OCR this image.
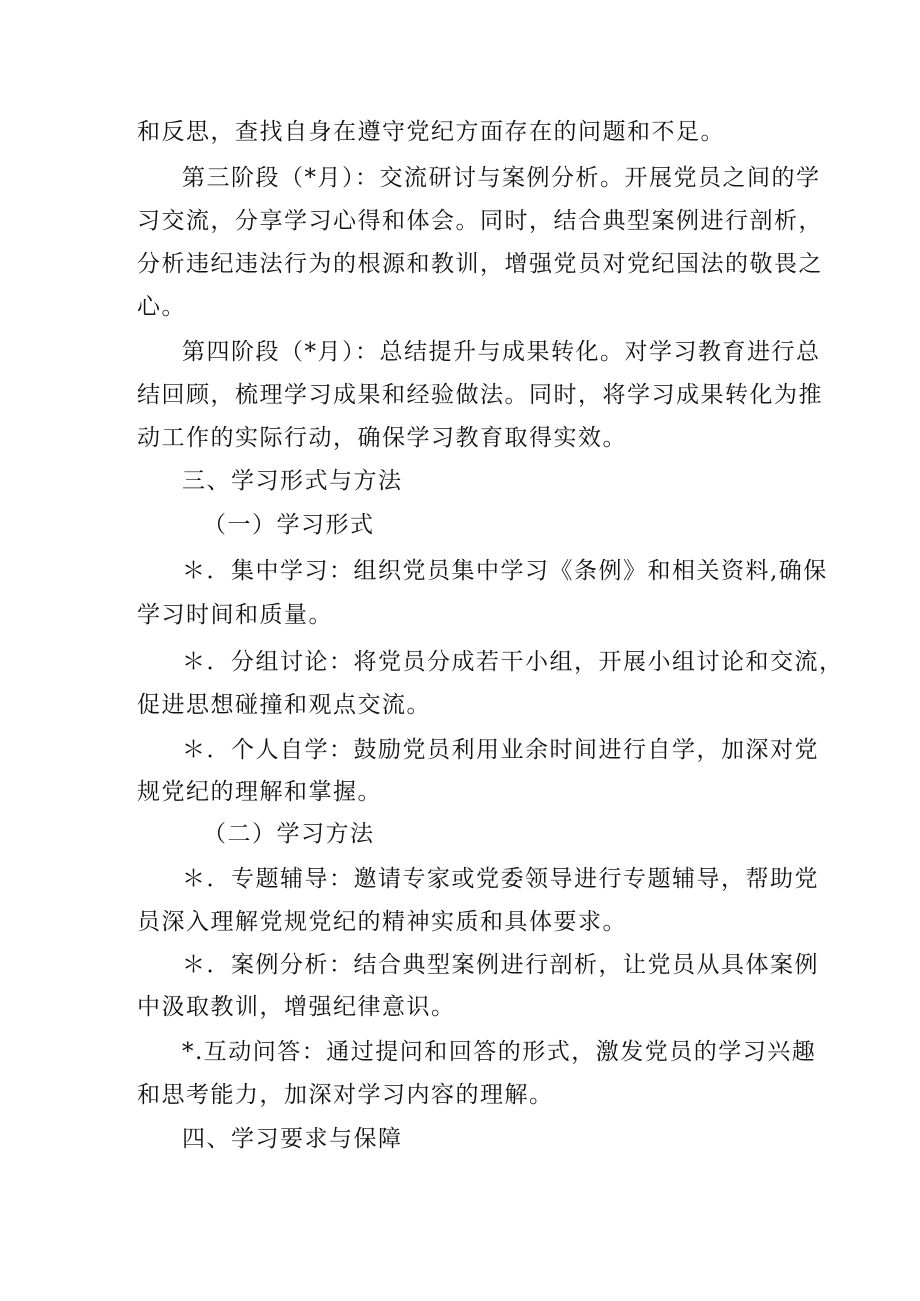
和反思，查找自身在遵守党纪方面存在的问题和不足。
第三阶段（*月）：交流研讨与案例分析。开展党员之间的学
习交流，分享学习心得和体会。同时，结合典型案例进行剖析，
分析违纪违法行为的根源和教训，增强党员对党纪国法的敬畏之
心。
第四阶段（*月）：总结提升与成果转化。对学习教育进行总
结回顾，梳理学习成果和经验做法。同时，将学习成果转化为推
动工作的实际行动，确保学习教育取得实效。
三、学习形式与方法
（一）学习形式
＊．集中学习：组织党员集中学习《条例》和相关资料,确保
学习时间和质量。
＊．分组讨论：将党员分成若干小组，开展小组讨论和交流，
促进思想碰撞和观点交流。
＊．个人自学：鼓励党员利用业余时间进行自学，加深对党
规党纪的理解和掌握。
（二）学习方法
＊．专题辅导：邀请专家或党委领导进行专题辅导，帮助党
员深入理解党规党纪的精神实质和具体要求。
＊．案例分析：结合典型案例进行剖析，让党员从具体案例
中汲取教训，增强纪律意识。
*.互动问答：通过提问和回答的形式，激发党员的学习兴趣
和思考能力，加深对学习内容的理解。
四、学习要求与保障
